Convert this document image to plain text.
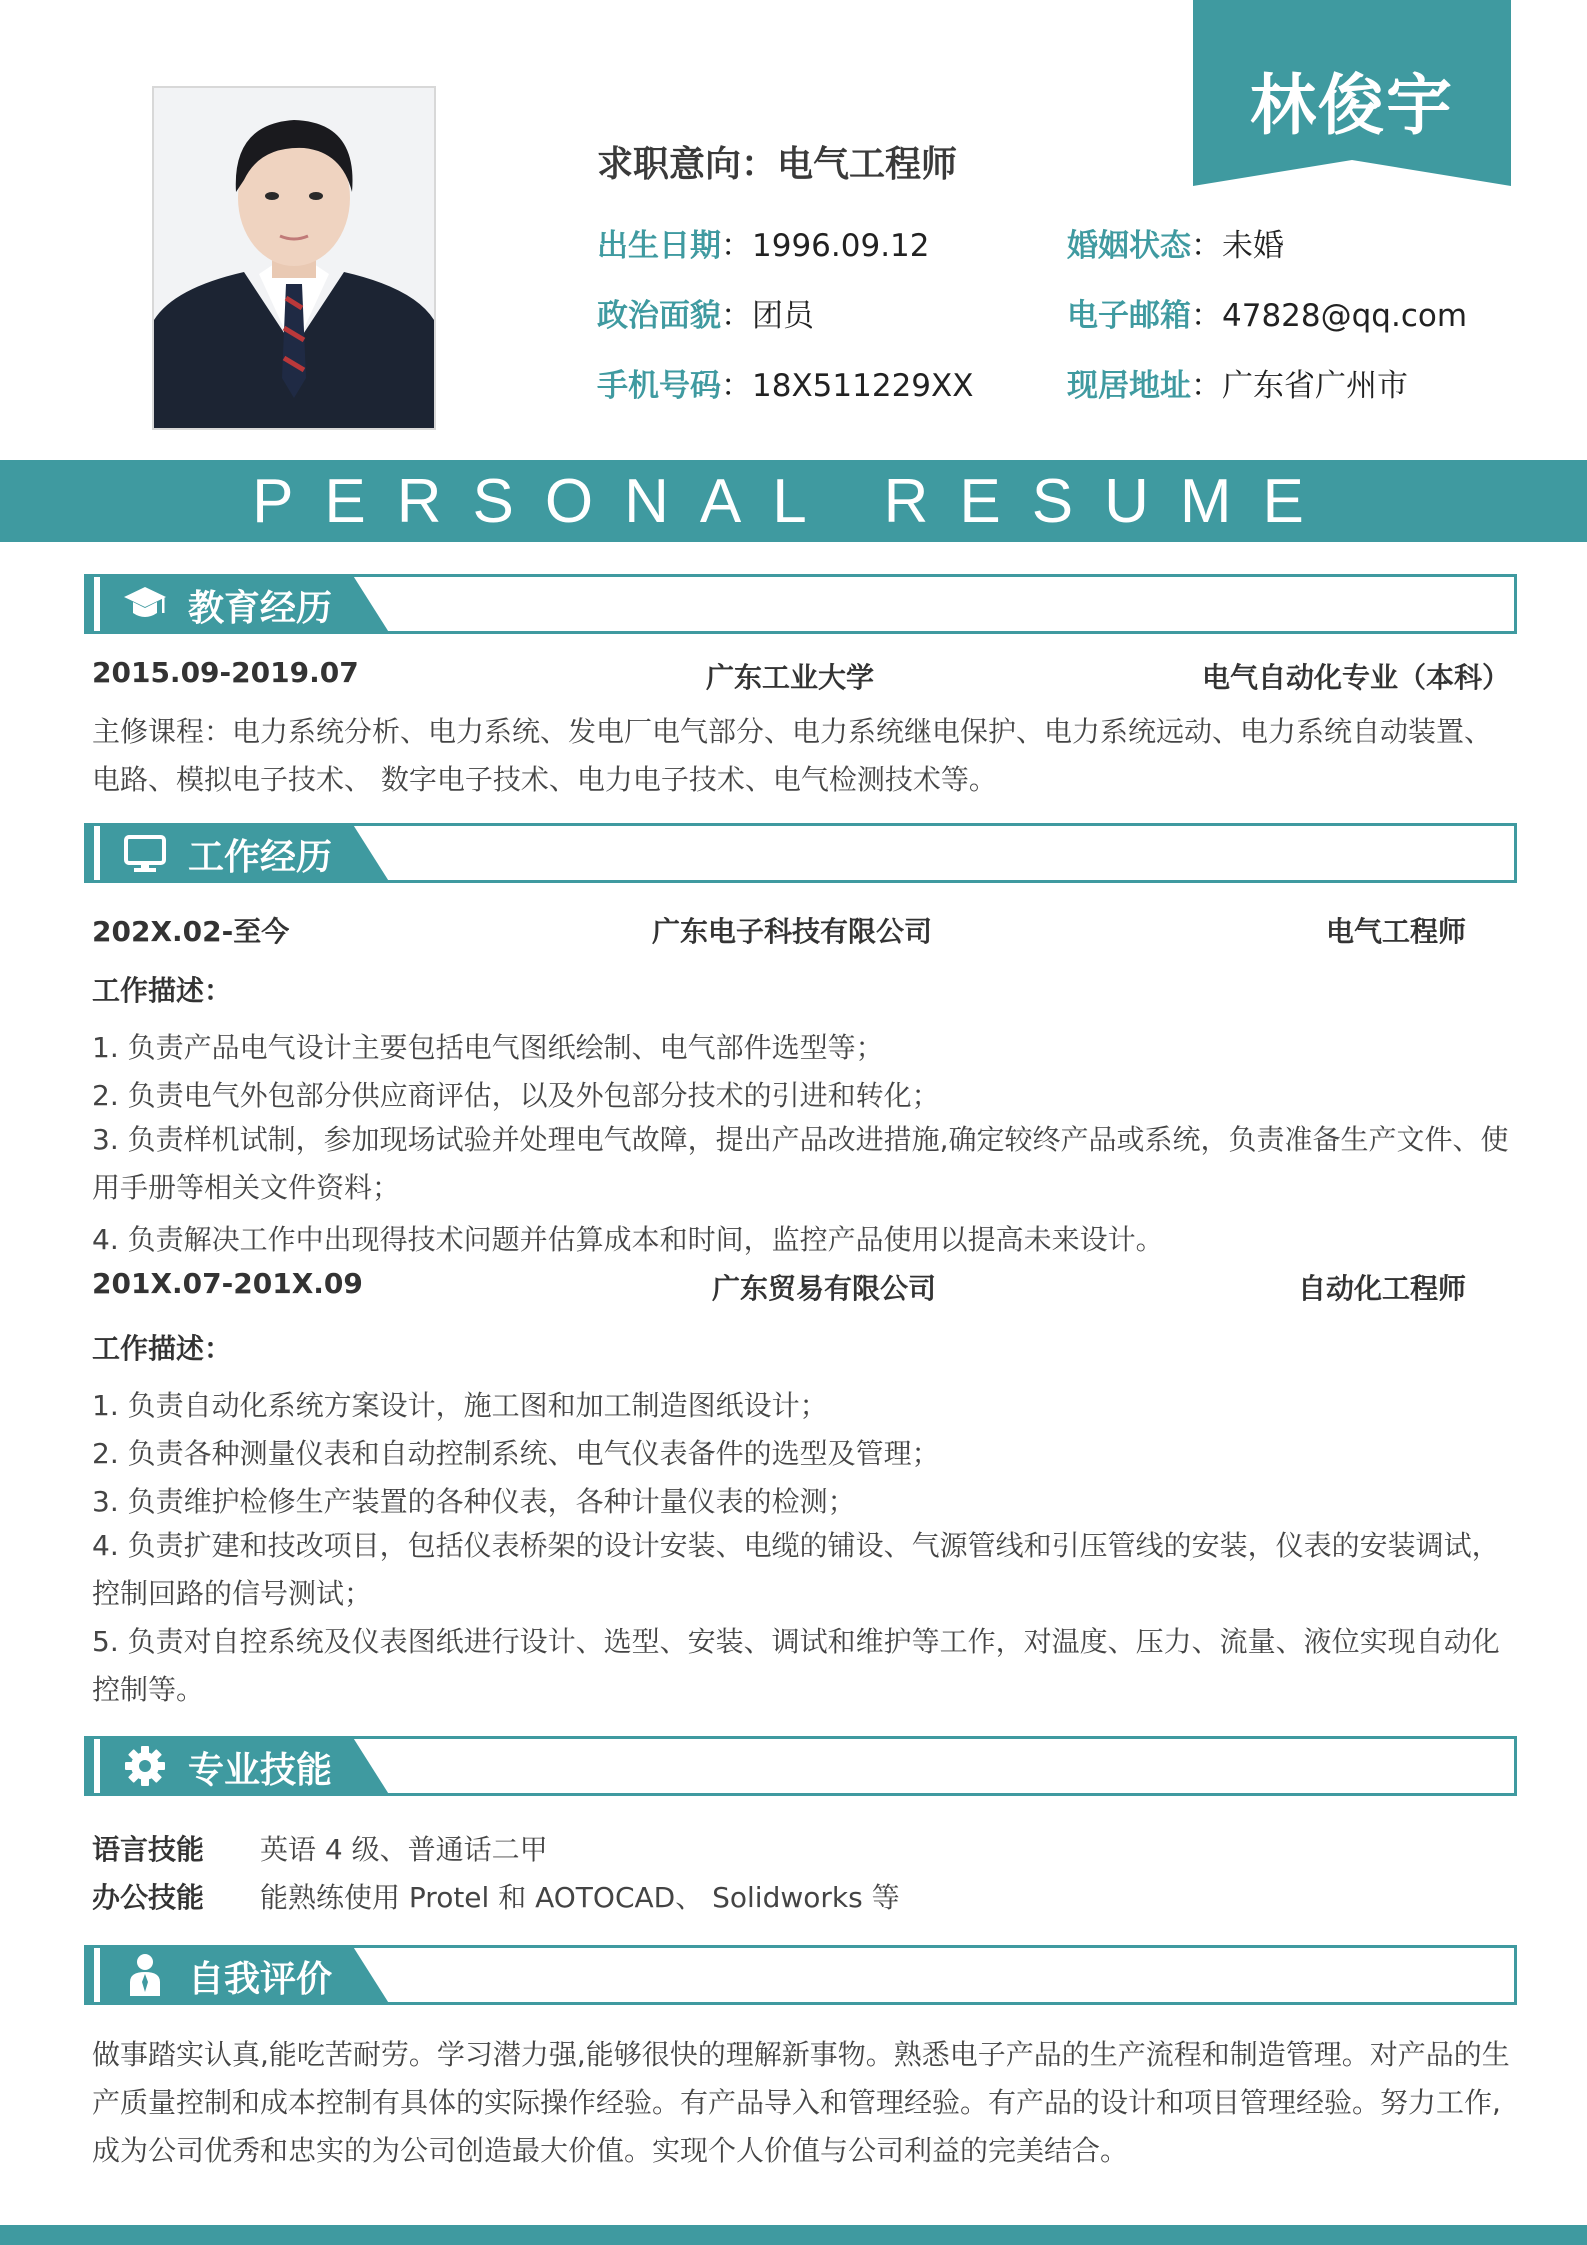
林俊宇
求职意向：电气工程师
出生日期：1996.09.12	婚姻状态：未婚
政治面貌：团员	电子邮箱：47828@qq.com
手机号码：18X511229XX	现居地址：广东省广州市
PERSONAL RESUME
教育经历
2015.09-2019.07	广东工业大学	电气自动化专业（本科）
主修课程：电力系统分析、电力系统、发电厂电气部分、电力系统继电保护、电力系统远动、电力系统自动装置、电路、模拟电子技术、 数字电子技术、电力电子技术、电气检测技术等。
工作经历
202X.02-至今	广东电子科技有限公司	电气工程师
工作描述：
1. 负责产品电气设计主要包括电气图纸绘制、电气部件选型等；
2. 负责电气外包部分供应商评估，以及外包部分技术的引进和转化；
3. 负责样机试制，参加现场试验并处理电气故障，提出产品改进措施,确定较终产品或系统，负责准备生产文件、使用手册等相关文件资料；
4. 负责解决工作中出现得技术问题并估算成本和时间，监控产品使用以提高未来设计。
201X.07-201X.09	广东贸易有限公司	自动化工程师
工作描述：
1. 负责自动化系统方案设计，施工图和加工制造图纸设计；
2. 负责各种测量仪表和自动控制系统、电气仪表备件的选型及管理；
3. 负责维护检修生产装置的各种仪表，各种计量仪表的检测；
4. 负责扩建和技改项目，包括仪表桥架的设计安装、电缆的铺设、气源管线和引压管线的安装，仪表的安装调试，控制回路的信号测试；
5. 负责对自控系统及仪表图纸进行设计、选型、安装、调试和维护等工作，对温度、压力、流量、液位实现自动化控制等。
专业技能
语言技能 英语 4 级、普通话二甲
办公技能 能熟练使用 Protel 和 AOTOCAD、 Solidworks 等
自我评价
做事踏实认真,能吃苦耐劳。学习潜力强,能够很快的理解新事物。熟悉电子产品的生产流程和制造管理。对产品的生产质量控制和成本控制有具体的实际操作经验。有产品导入和管理经验。有产品的设计和项目管理经验。努力工作,成为公司优秀和忠实的为公司创造最大价值。实现个人价值与公司利益的完美结合。
